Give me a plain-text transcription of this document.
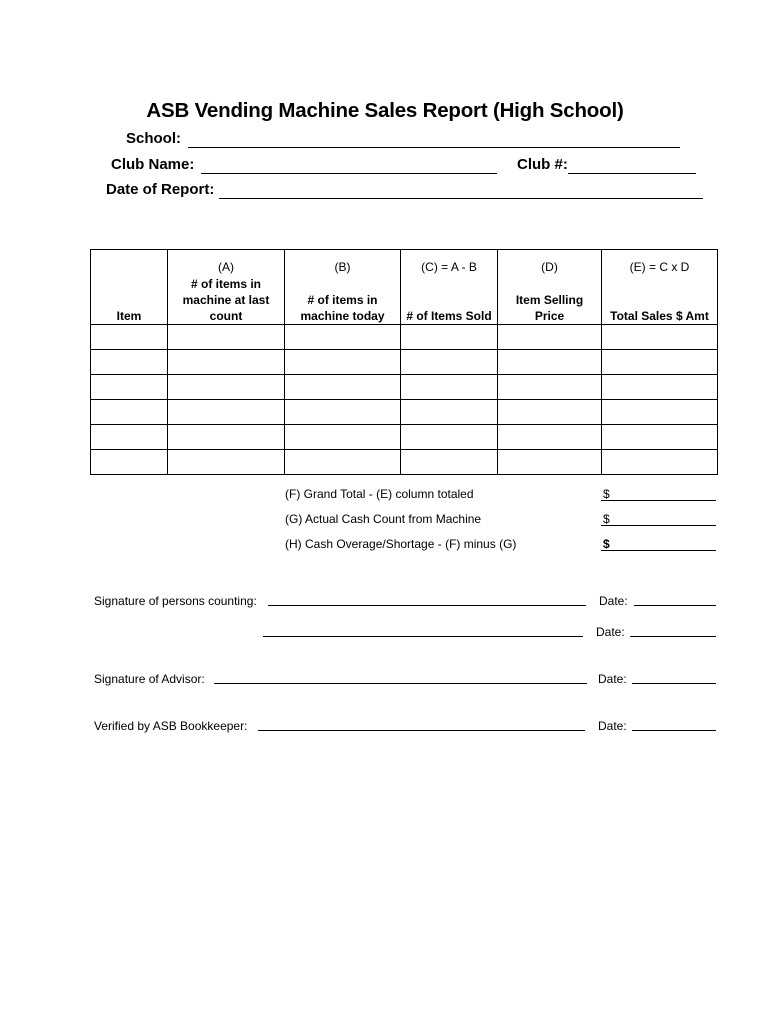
ASB Vending Machine Sales Report (High School)
School:
Club Name:	Club #:
Date of Report:
	(A)	(B)	(C) = A - B	(D)	(E) = C x D
Item	# of items in machine at last count	# of items in machine today	# of Items Sold	Item Selling Price	Total Sales $ Amt

(F) Grand Total - (E) column totaled	$
(G) Actual Cash Count from Machine	$
(H) Cash Overage/Shortage - (F) minus (G)	$
Signature of persons counting:	Date:
Date:
Signature of Advisor:	Date:
Verified by ASB Bookkeeper:	Date:
